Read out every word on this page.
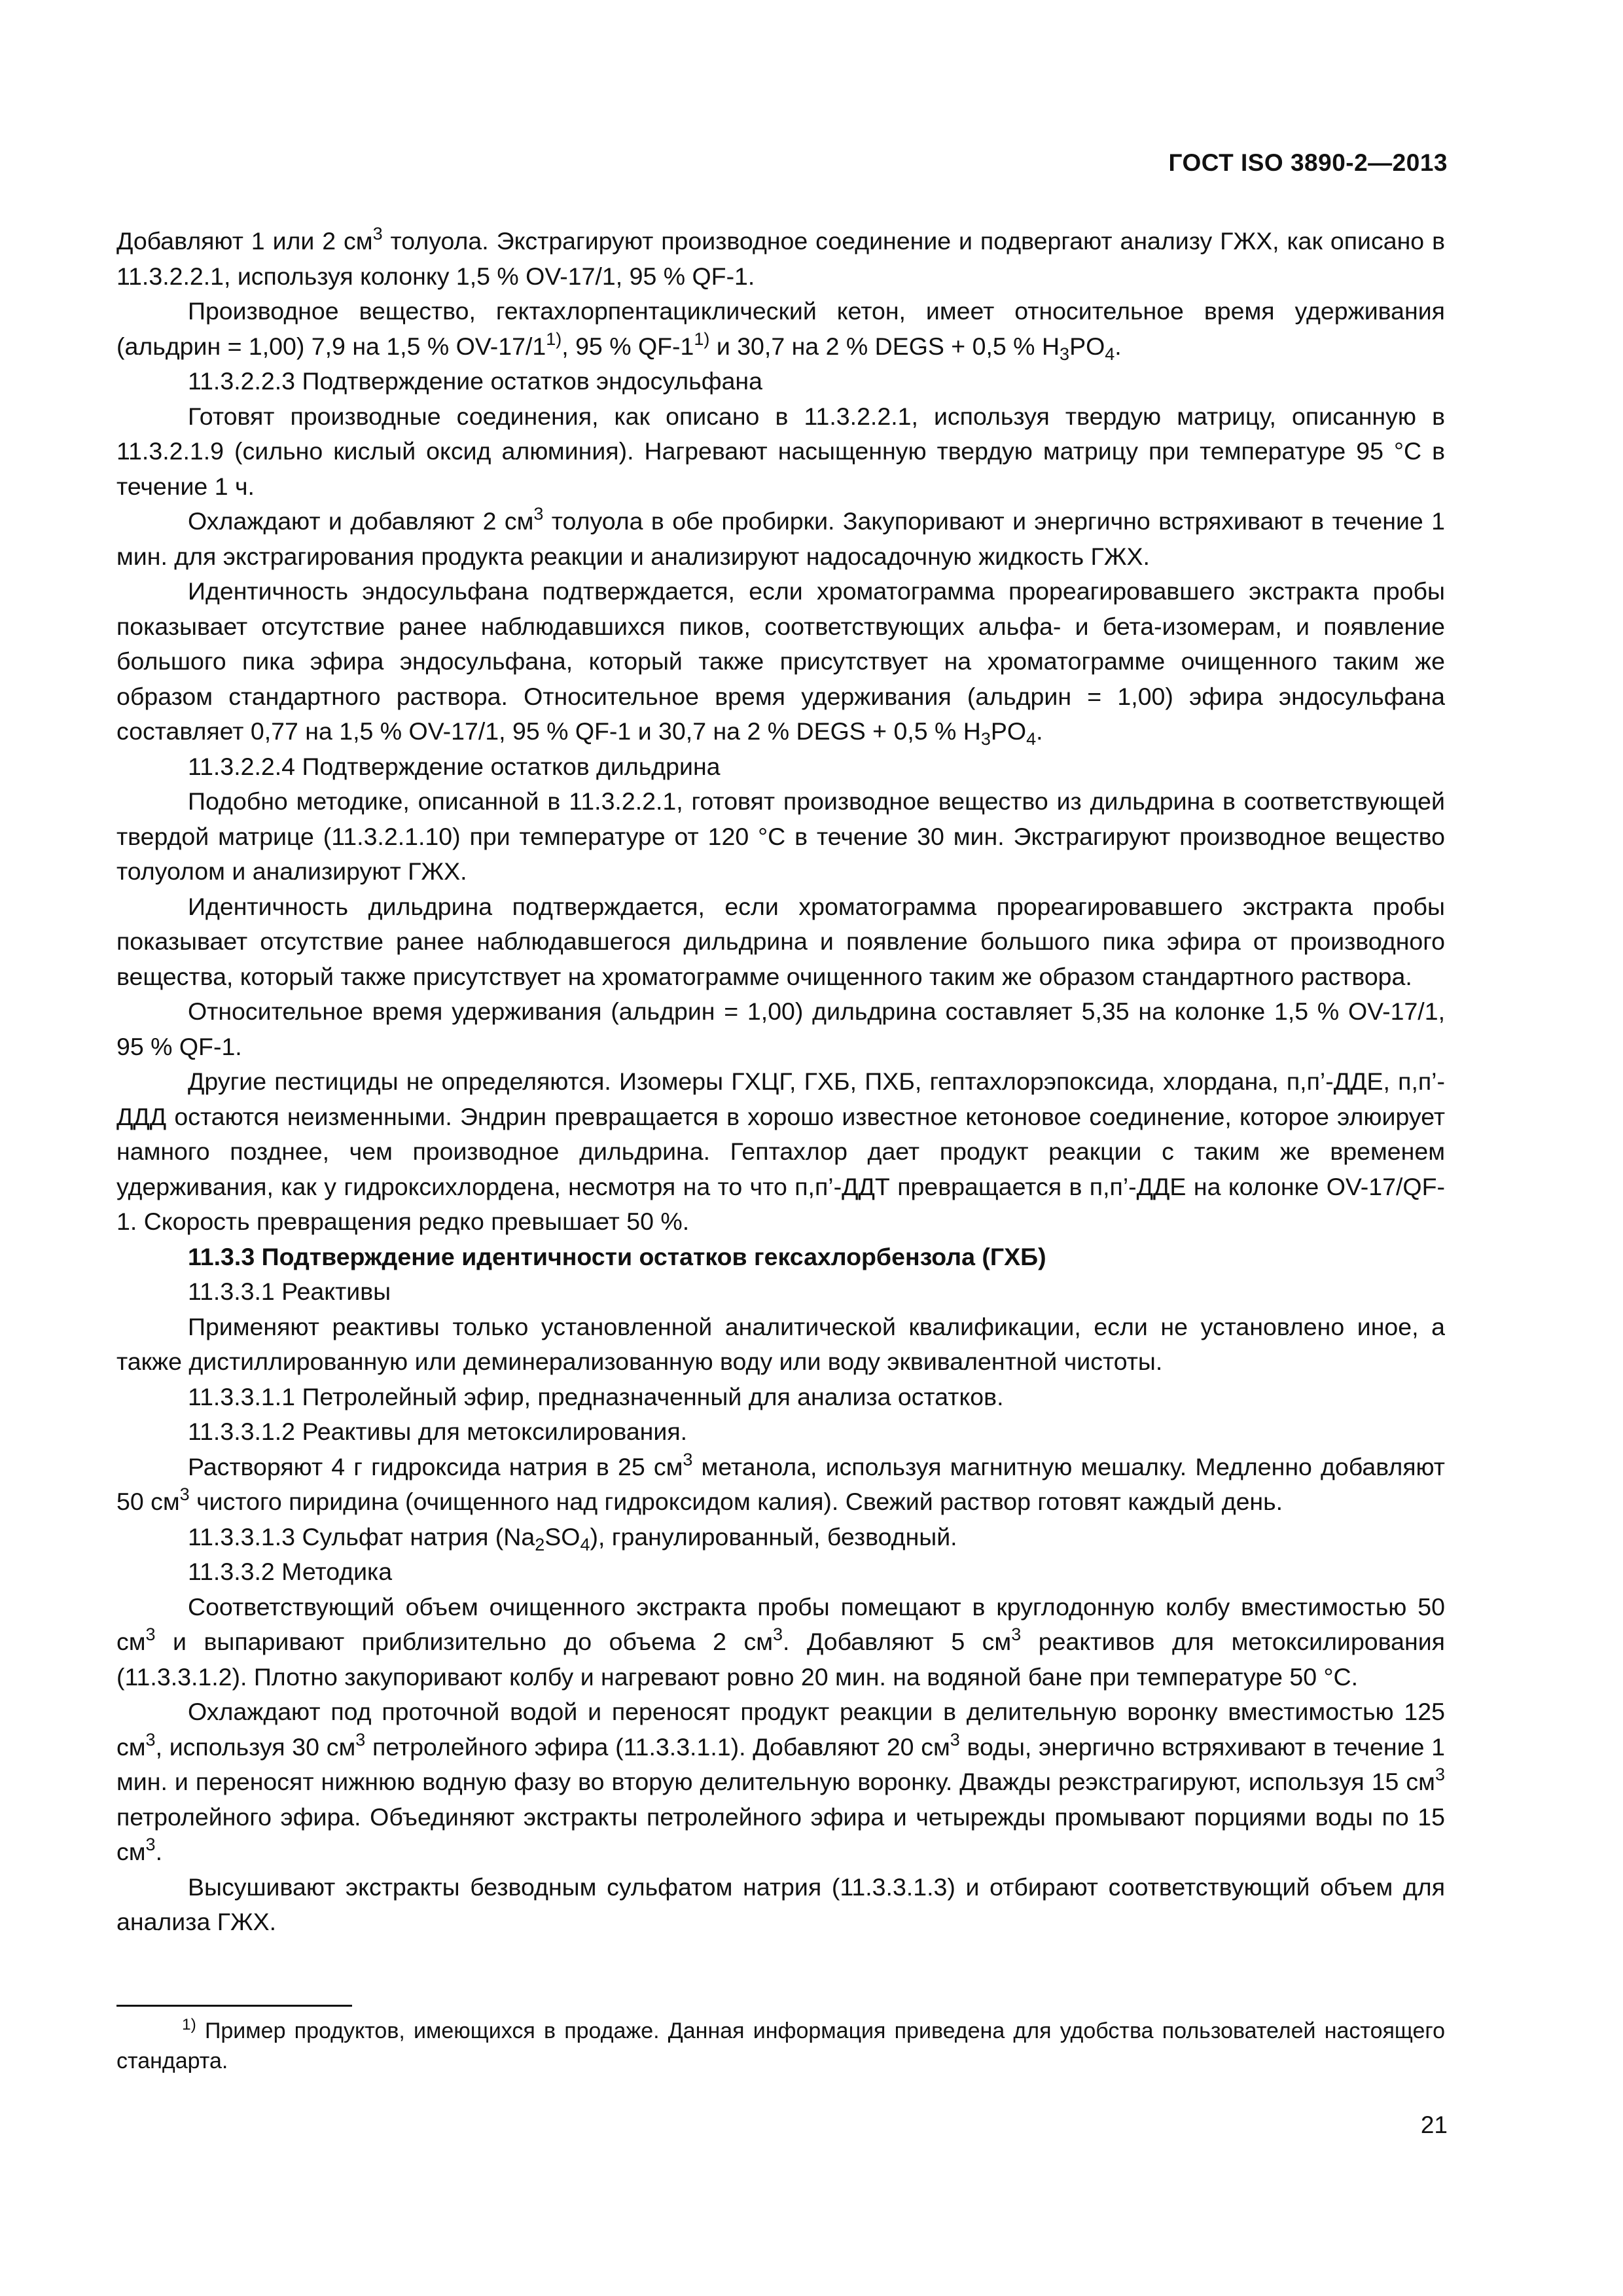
ГОСТ ISO 3890-2—2013

Добавляют 1 или 2 $см^3$ толуола. Экстрагируют производное соединение и подвергают анализу ГЖХ, как описано в 11.3.2.2.1, используя колонку 1,5 % OV-17/1, 95 % QF-1.

Производное вещество, гектахлорпентациклический кетон, имеет относительное время удерживания (альдрин = 1,00) 7,9 на 1,5 % OV-17/1$^{1)}$, 95 % QF-1$^{1)}$ и 30,7 на 2 % DEGS + 0,5 % $H_3PO_4$.

11.3.2.2.3 Подтверждение остатков эндосульфана

Готовят производные соединения, как описано в 11.3.2.2.1, используя твердую матрицу, описанную в 11.3.2.1.9 (сильно кислый оксид алюминия). Нагревают насыщенную твердую матрицу при температуре 95 °С в течение 1 ч.

Охлаждают и добавляют 2 $см^3$ толуола в обе пробирки. Закупоривают и энергично встряхивают в течение 1 мин. для экстрагирования продукта реакции и анализируют надосадочную жидкость ГЖХ.

Идентичность эндосульфана подтверждается, если хроматограмма прореагировавшего экстракта пробы показывает отсутствие ранее наблюдавшихся пиков, соответствующих альфа- и бета-изомерам, и появление большого пика эфира эндосульфана, который также присутствует на хроматограмме очищенного таким же образом стандартного раствора. Относительное время удерживания (альдрин = 1,00) эфира эндосульфана составляет 0,77 на 1,5 % OV-17/1, 95 % QF-1 и 30,7 на 2 % DEGS + 0,5 % $H_3PO_4$.

11.3.2.2.4 Подтверждение остатков дильдрина

Подобно методике, описанной в 11.3.2.2.1, готовят производное вещество из дильдрина в соответствующей твердой матрице (11.3.2.1.10) при температуре от 120 °С в течение 30 мин. Экстрагируют производное вещество толуолом и анализируют ГЖХ.

Идентичность дильдрина подтверждается, если хроматограмма прореагировавшего экстракта пробы показывает отсутствие ранее наблюдавшегося дильдрина и появление большого пика эфира от производного вещества, который также присутствует на хроматограмме очищенного таким же образом стандартного раствора.

Относительное время удерживания (альдрин = 1,00) дильдрина составляет 5,35 на колонке 1,5 % OV-17/1, 95 % QF-1.

Другие пестициды не определяются. Изомеры ГХЦГ, ГХБ, ПХБ, гептахлорэпоксида, хлордана, п,п’-ДДЕ, п,п’-ДДД остаются неизменными. Эндрин превращается в хорошо известное кетоновое соединение, которое элюирует намного позднее, чем производное дильдрина. Гептахлор дает продукт реакции с таким же временем удерживания, как у гидроксихлордена, несмотря на то что п,п’-ДДТ превращается в п,п’-ДДЕ на колонке OV-17/QF-1. Скорость превращения редко превышает 50 %.

11.3.3 Подтверждение идентичности остатков гексахлорбензола (ГХБ)

11.3.3.1 Реактивы

Применяют реактивы только установленной аналитической квалификации, если не установлено иное, а также дистиллированную или деминерализованную воду или воду эквивалентной чистоты.

11.3.3.1.1 Петролейный эфир, предназначенный для анализа остатков.

11.3.3.1.2 Реактивы для метоксилирования.

Растворяют 4 г гидроксида натрия в 25 $см^3$ метанола, используя магнитную мешалку. Медленно добавляют 50 $см^3$ чистого пиридина (очищенного над гидроксидом калия). Свежий раствор готовят каждый день.

11.3.3.1.3 Сульфат натрия $(Na_2SO_4)$, гранулированный, безводный.

11.3.3.2 Методика

Соответствующий объем очищенного экстракта пробы помещают в круглодонную колбу вместимостью 50 $см^3$ и выпаривают приблизительно до объема 2 $см^3$. Добавляют 5 $см^3$ реактивов для метоксилирования (11.3.3.1.2). Плотно закупоривают колбу и нагревают ровно 20 мин. на водяной бане при температуре 50 °С.

Охлаждают под проточной водой и переносят продукт реакции в делительную воронку вместимостью 125 $см^3$, используя 30 $см^3$ петролейного эфира (11.3.3.1.1). Добавляют 20 $см^3$ воды, энергично встряхивают в течение 1 мин. и переносят нижнюю водную фазу во вторую делительную воронку. Дважды реэкстрагируют, используя 15 $см^3$ петролейного эфира. Объединяют экстракты петролейного эфира и четырежды промывают порциями воды по 15 $см^3$.

Высушивают экстракты безводным сульфатом натрия (11.3.3.1.3) и отбирают соответствующий объем для анализа ГЖХ.

$^{1)}$ Пример продуктов, имеющихся в продаже. Данная информация приведена для удобства пользователей настоящего стандарта.
21
